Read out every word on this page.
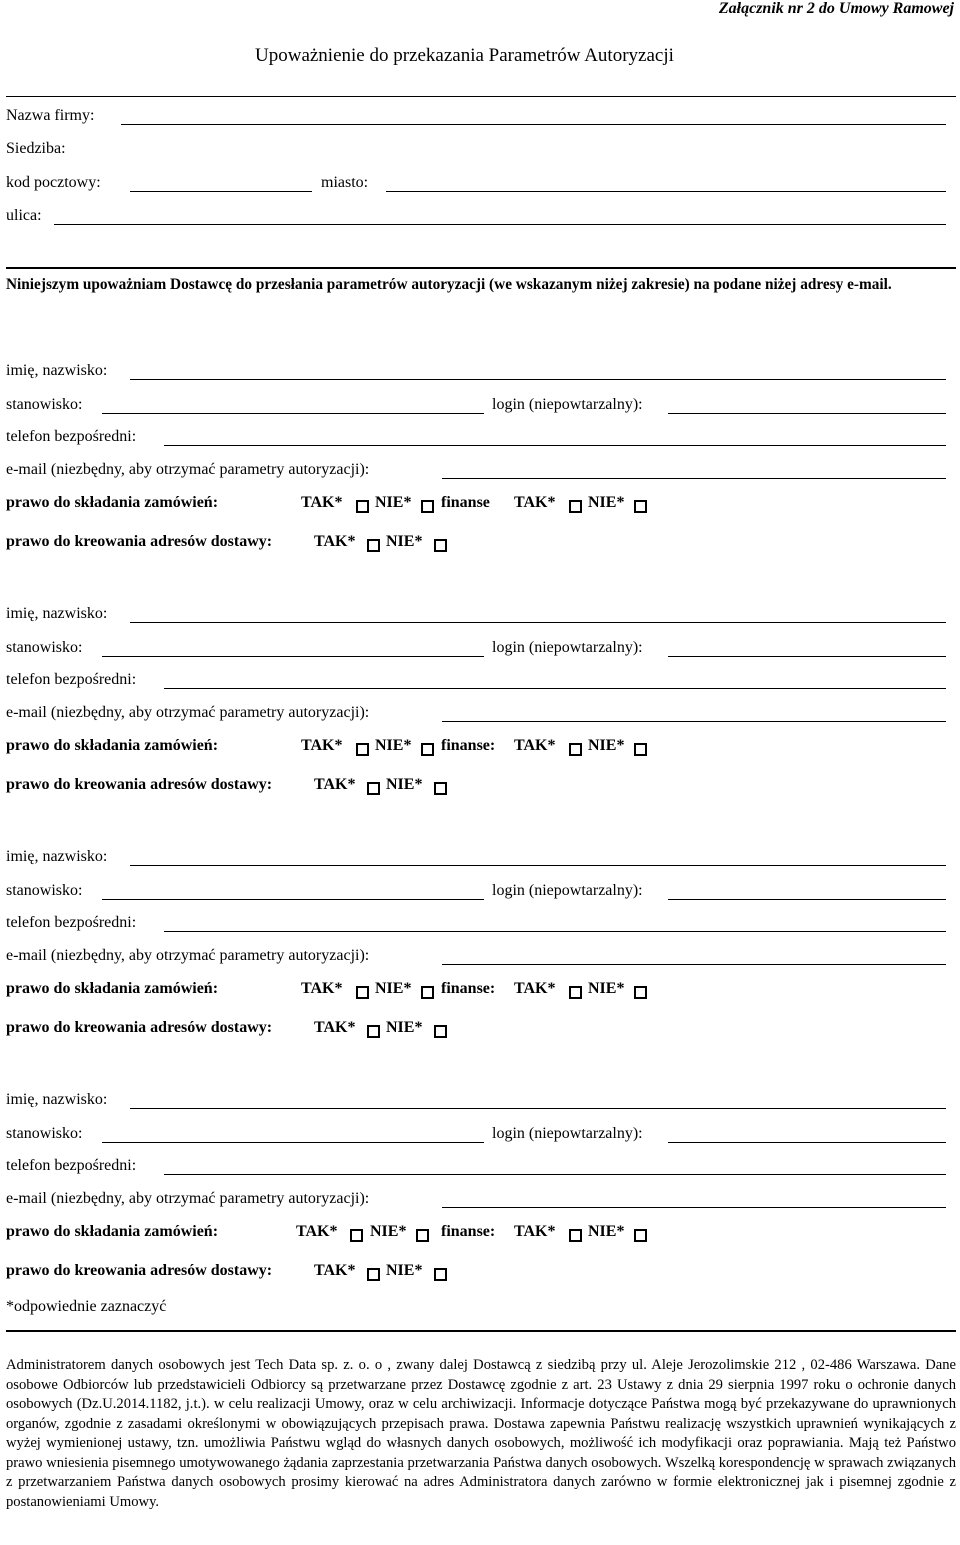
Załącznik nr 2 do Umowy Ramowej
Upoważnienie do przekazania Parametrów Autoryzacji
Nazwa firmy:
Siedziba:
kod pocztowy:	miasto:
ulica:
Niniejszym upoważniam Dostawcę do przesłania parametrów autoryzacji (we wskazanym niżej zakresie) na podane niżej adresy e-mail.
imię, nazwisko:
stanowisko:	login (niepowtarzalny):
telefon bezpośredni:
e-mail (niezbędny, aby otrzymać parametry autoryzacji):
prawo do składania zamówień:	TAK* NIE* finanse TAK* NIE*
prawo do kreowania adresów dostawy:	TAK* NIE*
imię, nazwisko:
stanowisko:	login (niepowtarzalny):
telefon bezpośredni:
e-mail (niezbędny, aby otrzymać parametry autoryzacji):
prawo do składania zamówień:	TAK* NIE* finanse: TAK* NIE*
prawo do kreowania adresów dostawy:	TAK* NIE*
imię, nazwisko:
stanowisko:	login (niepowtarzalny):
telefon bezpośredni:
e-mail (niezbędny, aby otrzymać parametry autoryzacji):
prawo do składania zamówień:	TAK* NIE* finanse: TAK* NIE*
prawo do kreowania adresów dostawy:	TAK* NIE*
imię, nazwisko:
stanowisko:	login (niepowtarzalny):
telefon bezpośredni:
e-mail (niezbędny, aby otrzymać parametry autoryzacji):
prawo do składania zamówień:	TAK* NIE* finanse: TAK* NIE*
prawo do kreowania adresów dostawy:	TAK* NIE*
*odpowiednie zaznaczyć
Administratorem danych osobowych jest Tech Data sp. z. o. o , zwany dalej Dostawcą z siedzibą przy ul. Aleje Jerozolimskie 212 , 02-486 Warszawa. Dane osobowe Odbiorców lub przedstawicieli Odbiorcy są przetwarzane przez Dostawcę zgodnie z art. 23 Ustawy z dnia 29 sierpnia 1997 roku o ochronie danych osobowych (Dz.U.2014.1182, j.t.). w celu realizacji Umowy, oraz w celu archiwizacji. Informacje dotyczące Państwa mogą być przekazywane do uprawnionych organów, zgodnie z zasadami określonymi w obowiązujących przepisach prawa. Dostawa zapewnia Państwu realizację wszystkich uprawnień wynikających z wyżej wymienionej ustawy, tzn. umożliwia Państwu wgląd do własnych danych osobowych, możliwość ich modyfikacji oraz poprawiania. Mają też Państwo prawo wniesienia pisemnego umotywowanego żądania zaprzestania przetwarzania Państwa danych osobowych. Wszelką korespondencję w sprawach związanych z przetwarzaniem Państwa danych osobowych prosimy kierować na adres Administratora danych zarówno w formie elektronicznej jak i pisemnej zgodnie z postanowieniami Umowy.
